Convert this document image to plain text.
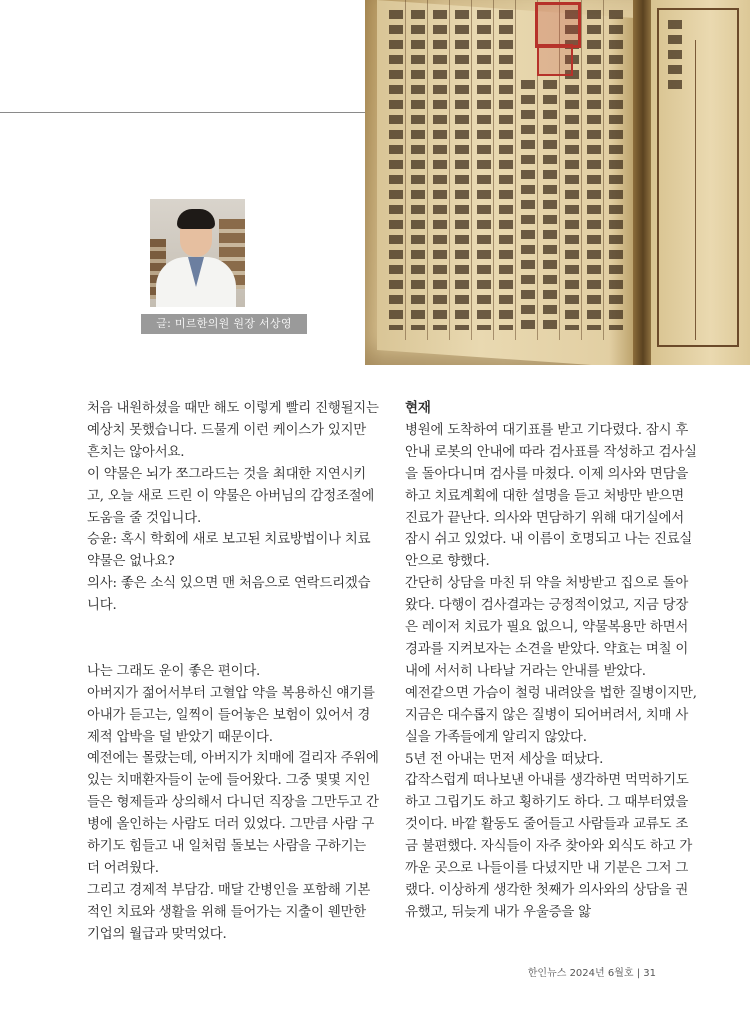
글: 미르한의원 원장 서상영

처음 내원하셨을 때만 해도 이렇게 빨리 진행될지는 예상치 못했습니다. 드물게 이런 케이스가 있지만 흔치는 않아서요.

이 약물은 뇌가 쪼그라드는 것을 최대한 지연시키고, 오늘 새로 드린 이 약물은 아버님의 감정조절에 도움을 줄 것입니다.

승윤: 혹시 학회에 새로 보고된 치료방법이나 치료약물은 없나요?

의사: 좋은 소식 있으면 맨 처음으로 연락드리겠습니다.

나는 그래도 운이 좋은 편이다.

아버지가 젊어서부터 고혈압 약을 복용하신 얘기를 아내가 듣고는, 일찍이 들어놓은 보험이 있어서 경제적 압박을 덜 받았기 때문이다.

예전에는 몰랐는데, 아버지가 치매에 걸리자 주위에 있는 치매환자들이 눈에 들어왔다. 그중 몇몇 지인들은 형제들과 상의해서 다니던 직장을 그만두고 간병에 올인하는 사람도 더러 있었다. 그만큼 사람 구하기도 힘들고 내 일처럼 돌보는 사람을 구하기는 더 어려웠다.

그리고 경제적 부담감. 매달 간병인을 포함해 기본적인 치료와 생활을 위해 들어가는 지출이 웬만한 기업의 월급과 맞먹었다.

현재

병원에 도착하여 대기표를 받고 기다렸다. 잠시 후 안내 로봇의 안내에 따라 검사표를 작성하고 검사실을 돌아다니며 검사를 마쳤다. 이제 의사와 면담을 하고 치료계획에 대한 설명을 듣고 처방만 받으면 진료가 끝난다. 의사와 면담하기 위해 대기실에서 잠시 쉬고 있었다. 내 이름이 호명되고 나는 진료실 안으로 향했다.

간단히 상담을 마친 뒤 약을 처방받고 집으로 돌아왔다. 다행이 검사결과는 긍정적이었고, 지금 당장은 레이저 치료가 필요 없으니, 약물복용만 하면서 경과를 지켜보자는 소견을 받았다. 약효는 며칠 이내에 서서히 나타날 거라는 안내를 받았다.

예전같으면 가슴이 철렁 내려앉을 법한 질병이지만, 지금은 대수롭지 않은 질병이 되어버려서, 치매 사실을 가족들에게 알리지 않았다.

5년 전 아내는 먼저 세상을 떠났다.

갑작스럽게 떠나보낸 아내를 생각하면 먹먹하기도 하고 그립기도 하고 횡하기도 하다. 그 때부터였을 것이다. 바깥 활동도 줄어들고 사람들과 교류도 조금 불편했다. 자식들이 자주 찾아와 외식도 하고 가까운 곳으로 나들이를 다녔지만 내 기분은 그저 그랬다. 이상하게 생각한 첫째가 의사와의 상담을 권유했고, 뒤늦게 내가 우울증을 앓

한인뉴스 2024년 6월호 | 31
